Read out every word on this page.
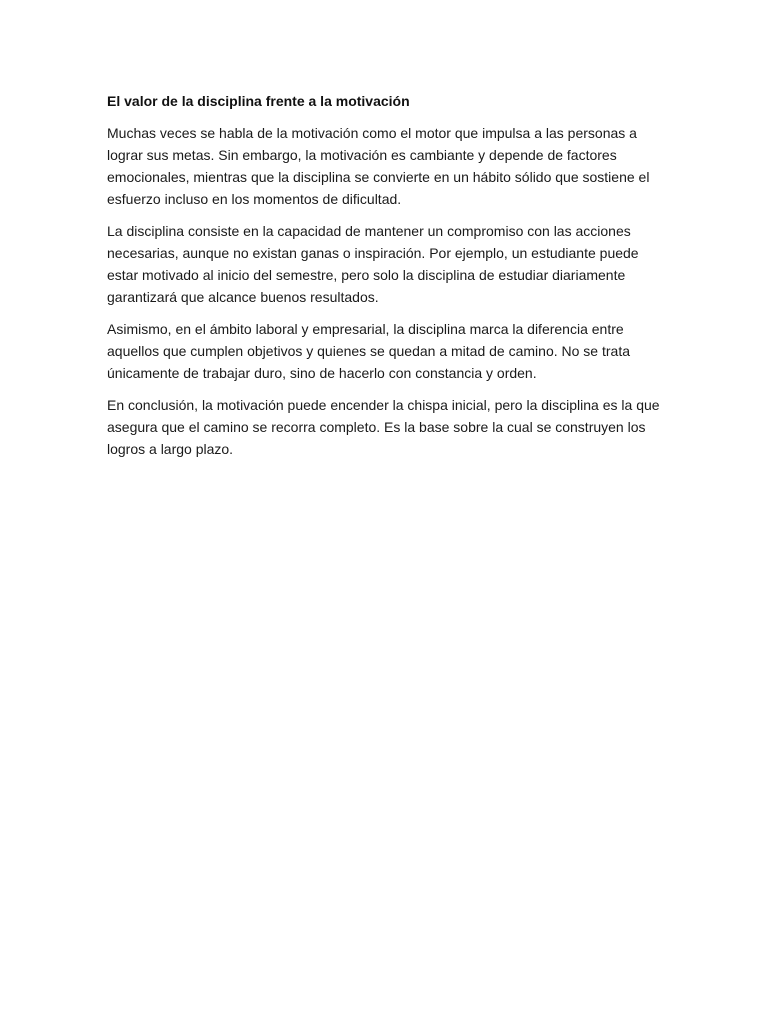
El valor de la disciplina frente a la motivación

Muchas veces se habla de la motivación como el motor que impulsa a las personas a lograr sus metas. Sin embargo, la motivación es cambiante y depende de factores emocionales, mientras que la disciplina se convierte en un hábito sólido que sostiene el esfuerzo incluso en los momentos de dificultad.

La disciplina consiste en la capacidad de mantener un compromiso con las acciones necesarias, aunque no existan ganas o inspiración. Por ejemplo, un estudiante puede estar motivado al inicio del semestre, pero solo la disciplina de estudiar diariamente garantizará que alcance buenos resultados.

Asimismo, en el ámbito laboral y empresarial, la disciplina marca la diferencia entre aquellos que cumplen objetivos y quienes se quedan a mitad de camino. No se trata únicamente de trabajar duro, sino de hacerlo con constancia y orden.

En conclusión, la motivación puede encender la chispa inicial, pero la disciplina es la que asegura que el camino se recorra completo. Es la base sobre la cual se construyen los logros a largo plazo.
